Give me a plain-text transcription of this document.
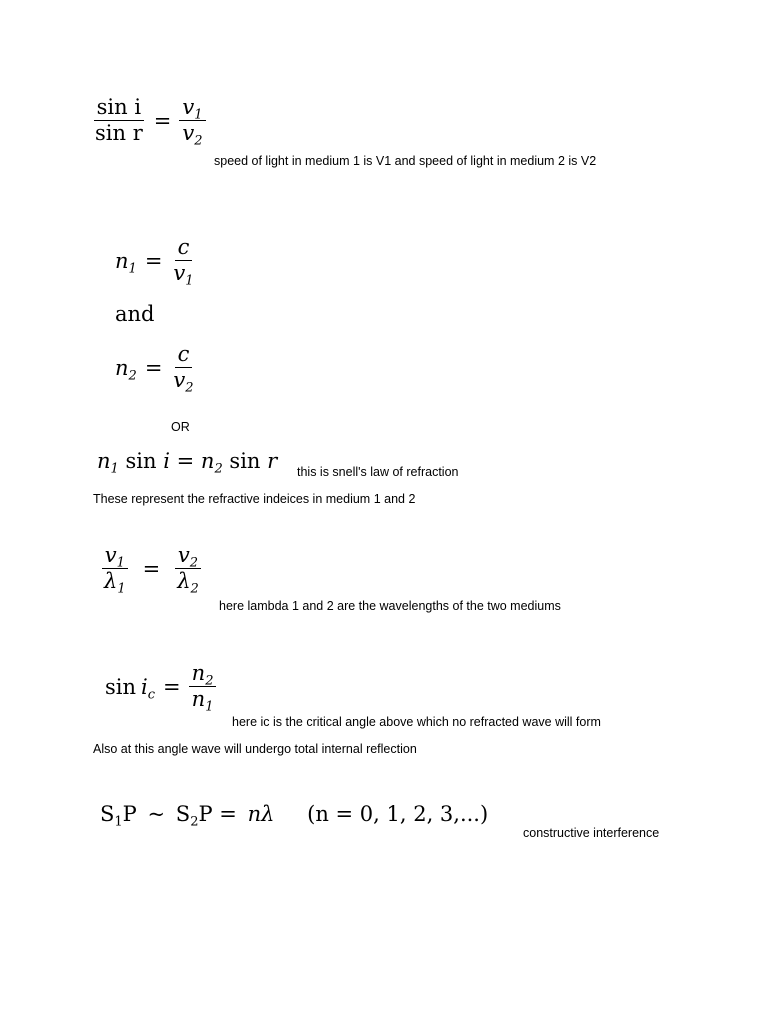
$\frac{\text{sin i}}{\text{sin r}} = \frac{v_1}{v_2}$
speed of light in medium 1 is V1 and speed of light in medium 2 is V2
$n_1 = \frac{c}{v_1}$
and
$n_2 = \frac{c}{v_2}$
OR
$n_1$ $\sin i = n_2$ sin r this is snell's law of refraction
These represent the refractive indeices in medium 1 and 2
$\frac{v_1}{\lambda_1} = \frac{v_2}{\lambda_2}$
here lambda 1 and 2 are the wavelengths of the two mediums
$\sin i_c = \frac{n_2}{n_1}$
here ic is the critical angle above which no refracted wave will form
Also at this angle wave will undergo total internal reflection
$S_1P$ ~ $S_2P = n\lambda$ (n = 0, 1, 2, 3,...)
constructive interference
